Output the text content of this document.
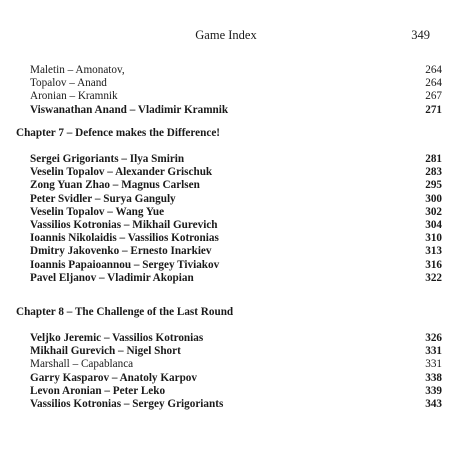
Game Index	349
Maletin – Amonatov,	264
Topalov – Anand	264
Aronian – Kramnik	267
Viswanathan Anand – Vladimir Kramnik	271
Chapter 7 – Defence makes the Difference!
Sergei Grigoriants – Ilya Smirin	281
Veselin Topalov – Alexander Grischuk	283
Zong Yuan Zhao – Magnus Carlsen	295
Peter Svidler – Surya Ganguly	300
Veselin Topalov – Wang Yue	302
Vassilios Kotronias – Mikhail Gurevich	304
Ioannis Nikolaidis – Vassilios Kotronias	310
Dmitry Jakovenko – Ernesto Inarkiev	313
Ioannis Papaioannou – Sergey Tiviakov	316
Pavel Eljanov – Vladimir Akopian	322
Chapter 8 – The Challenge of the Last Round
Veljko Jeremic – Vassilios Kotronias	326
Mikhail Gurevich – Nigel Short	331
Marshall – Capablanca	331
Garry Kasparov – Anatoly Karpov	338
Levon Aronian – Peter Leko	339
Vassilios Kotronias – Sergey Grigoriants	343
